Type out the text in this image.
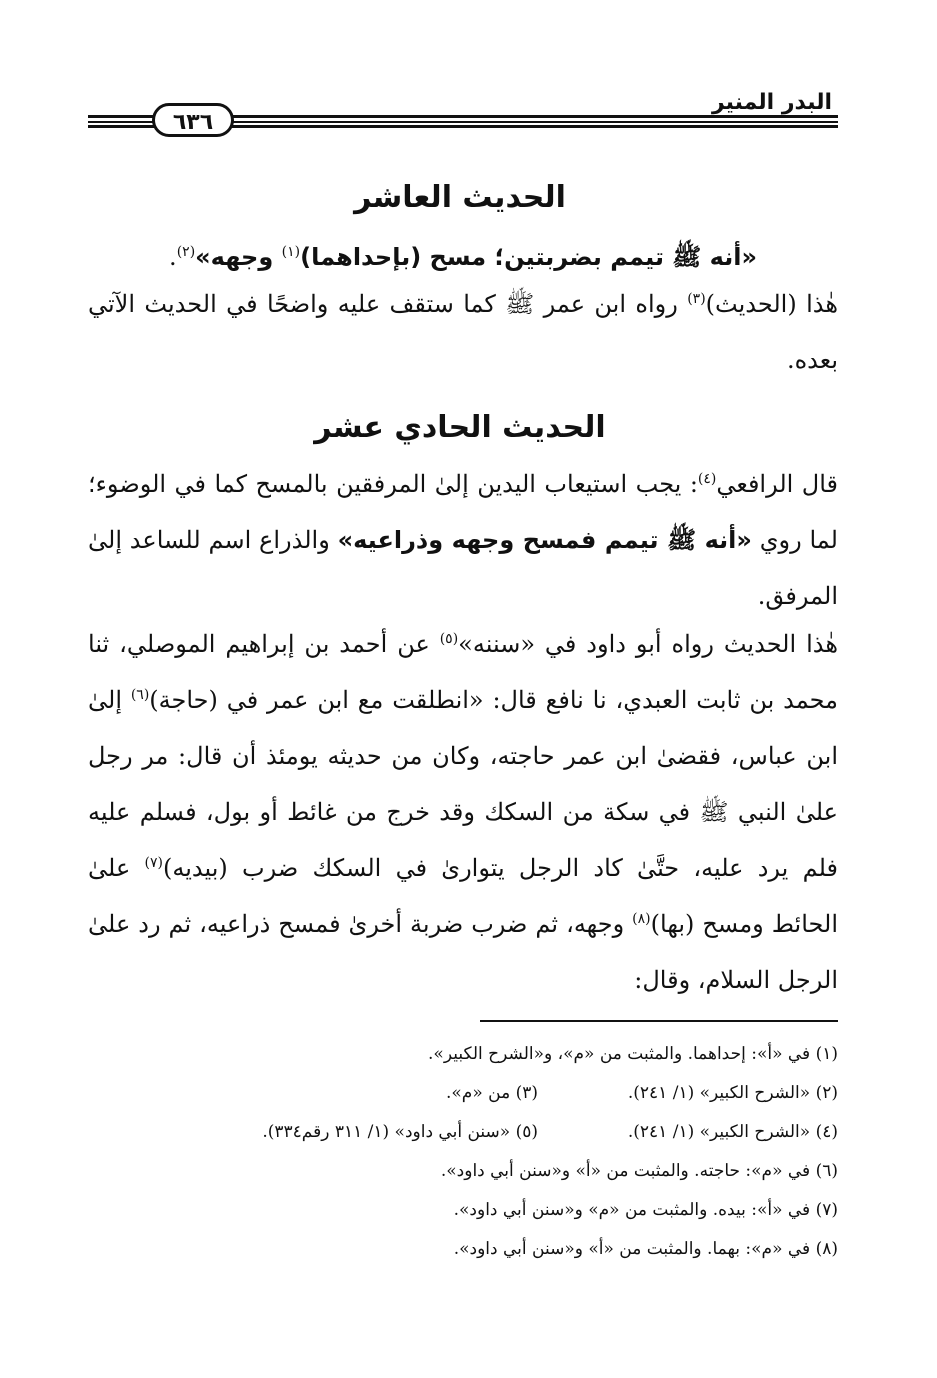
البدر المنير
٦٣٦
الحديث العاشر
«أنه ﷺ تيمم بضربتين؛ مسح (بإحداهما)$^{(١)}$ وجهه»$^{(٢)}$.
هٰذا (الحديث)$^{(٣)}$ رواه ابن عمر ﷺ كما ستقف عليه واضحًا في الحديث الآتي بعده.
الحديث الحادي عشر
قال الرافعي$^{(٤)}$: يجب استيعاب اليدين إلىٰ المرفقين بالمسح كما في الوضوء؛ لما روي «أنه ﷺ تيمم فمسح وجهه وذراعيه» والذراع اسم للساعد إلىٰ المرفق.
هٰذا الحديث رواه أبو داود في «سننه»$^{(٥)}$ عن أحمد بن إبراهيم الموصلي، ثنا محمد بن ثابت العبدي، نا نافع قال: «انطلقت مع ابن عمر في (حاجة)$^{(٦)}$ إلىٰ ابن عباس، فقضىٰ ابن عمر حاجته، وكان من حديثه يومئذ أن قال: مر رجل علىٰ النبي ﷺ في سكة من السكك وقد خرج من غائط أو بول، فسلم عليه فلم يرد عليه، حتَّىٰ كاد الرجل يتوارىٰ في السكك ضرب (بيديه)$^{(٧)}$ علىٰ الحائط ومسح (بها)$^{(٨)}$ وجهه، ثم ضرب ضربة أخرىٰ فمسح ذراعيه، ثم رد علىٰ الرجل السلام، وقال:
(١) في «أ»: إحداهما. والمثبت من «م»، و«الشرح الكبير».
(٢) «الشرح الكبير» (١/ ٢٤١).
(٣) من «م».
(٤) «الشرح الكبير» (١/ ٢٤١).
(٥) «سنن أبي داود» (١/ ٣١١ رقم٣٣٤).
(٦) في «م»: حاجته. والمثبت من «أ» و«سنن أبي داود».
(٧) في «أ»: بيده. والمثبت من «م» و«سنن أبي داود».
(٨) في «م»: بهما. والمثبت من «أ» و«سنن أبي داود».
